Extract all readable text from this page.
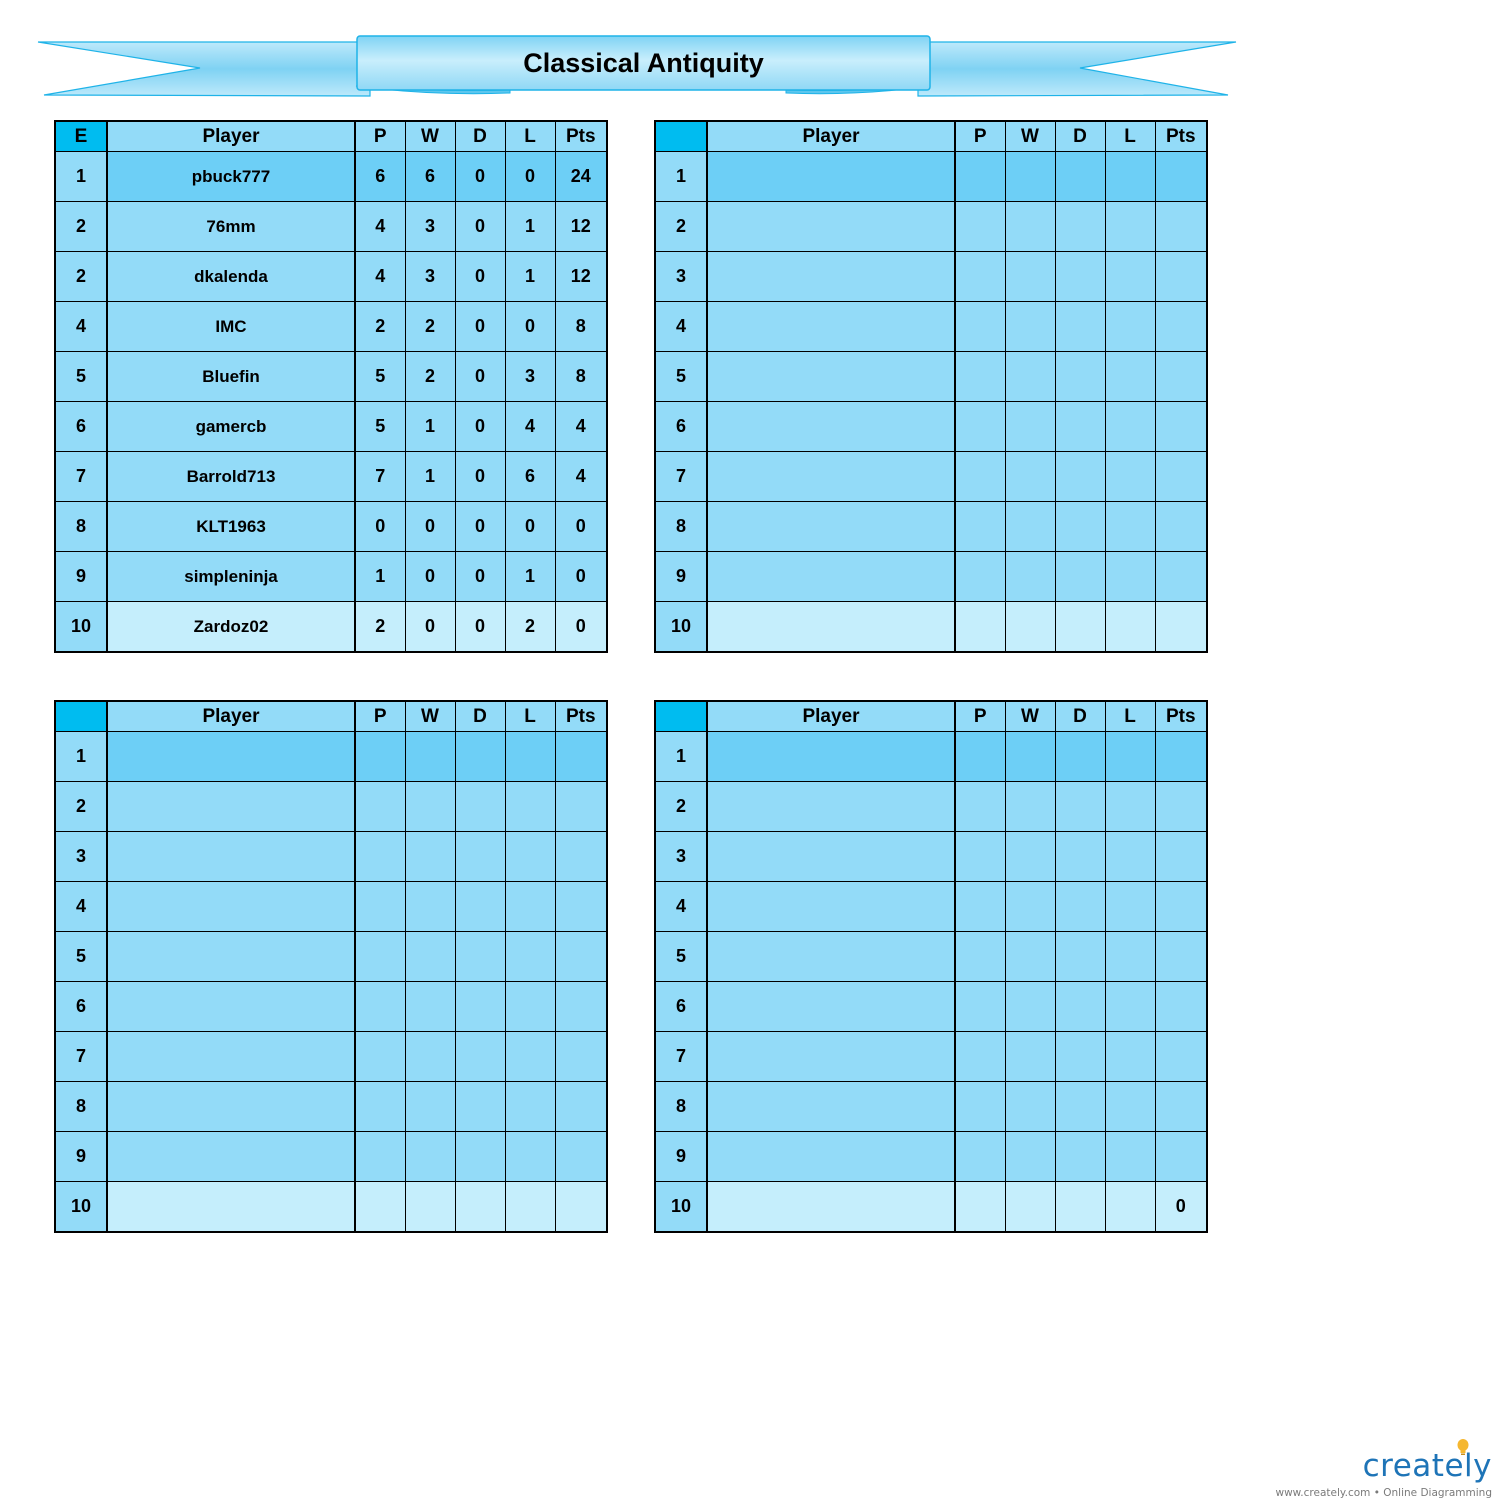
Classical Antiquity
E	Player	P	W	D	L	Pts
1	pbuck777	6	6	0	0	24
2	76mm	4	3	0	1	12
2	dkalenda	4	3	0	1	12
4	IMC	2	2	0	0	8
5	Bluefin	5	2	0	3	8
6	gamercb	5	1	0	4	4
7	Barrold713	7	1	0	6	4
8	KLT1963	0	0	0	0	0
9	simpleninja	1	0	0	1	0
10	Zardoz02	2	0	0	2	0
	Player	P	W	D	L	Pts
1						
2						
3						
4						
5						
6						
7						
8						
9						
10						
	Player	P	W	D	L	Pts
1						
2						
3						
4						
5						
6						
7						
8						
9						
10						
	Player	P	W	D	L	Pts
1						
2						
3						
4						
5						
6						
7						
8						
9						
10						0
creately
www.creately.com • Online Diagramming
